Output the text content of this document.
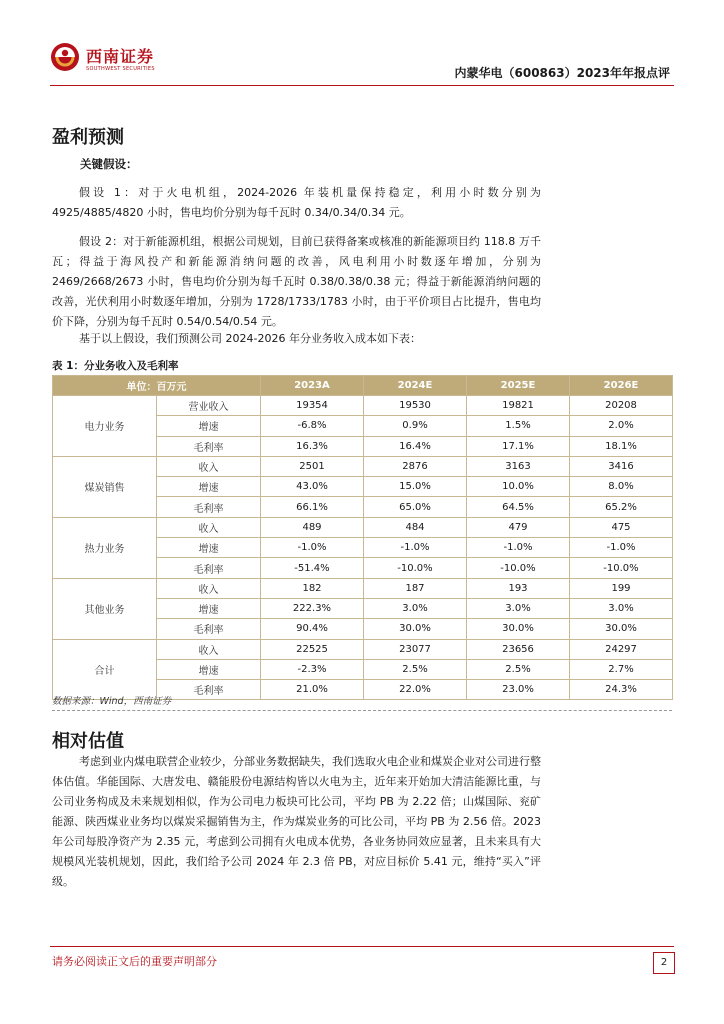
西南证券
SOUTHWEST SECURITIES	内蒙华电（600863）2023年年报点评
盈利预测
关键假设：

假设 1：对于火电机组，2024-2026 年装机量保持稳定，利用小时数分别为 4925/4885/4820 小时，售电均价分别为每千瓦时 0.34/0.34/0.34 元。

假设 2：对于新能源机组，根据公司规划，目前已获得备案或核准的新能源项目约 118.8 万千瓦；得益于海风投产和新能源消纳问题的改善，风电利用小时数逐年增加，分别为 2469/2668/2673 小时，售电均价分别为每千瓦时 0.38/0.38/0.38 元；得益于新能源消纳问题的改善，光伏利用小时数逐年增加，分别为 1728/1733/1783 小时，由于平价项目占比提升，售电均价下降，分别为每千瓦时 0.54/0.54/0.54 元。

基于以上假设，我们预测公司 2024-2026 年分业务收入成本如下表：

表 1：分业务收入及毛利率
单位：百万元		2023A	2024E	2025E	2026E
电力业务	营业收入	19354	19530	19821	20208
	增速	-6.8%	0.9%	1.5%	2.0%
	毛利率	16.3%	16.4%	17.1%	18.1%
煤炭销售	收入	2501	2876	3163	3416
	增速	43.0%	15.0%	10.0%	8.0%
	毛利率	66.1%	65.0%	64.5%	65.2%
热力业务	收入	489	484	479	475
	增速	-1.0%	-1.0%	-1.0%	-1.0%
	毛利率	-51.4%	-10.0%	-10.0%	-10.0%
其他业务	收入	182	187	193	199
	增速	222.3%	3.0%	3.0%	3.0%
	毛利率	90.4%	30.0%	30.0%	30.0%
合计	收入	22525	23077	23656	24297
	增速	-2.3%	2.5%	2.5%	2.7%
	毛利率	21.0%	22.0%	23.0%	24.3%
数据来源：Wind，西南证券
相对估值

考虑到业内煤电联营企业较少，分部业务数据缺失，我们选取火电企业和煤炭企业对公司进行整体估值。华能国际、大唐发电、赣能股份电源结构皆以火电为主，近年来开始加大清洁能源比重，与公司业务构成及未来规划相似，作为公司电力板块可比公司，平均 PB 为 2.22 倍；山煤国际、兖矿能源、陕西煤业业务均以煤炭采掘销售为主，作为煤炭业务的可比公司，平均 PB 为 2.56 倍。2023 年公司每股净资产为 2.35 元，考虑到公司拥有火电成本优势，各业务协同效应显著，且未来具有大规模风光装机规划，因此，我们给予公司 2024 年 2.3 倍 PB，对应目标价 5.41 元，维持“买入”评级。

请务必阅读正文后的重要声明部分	2
